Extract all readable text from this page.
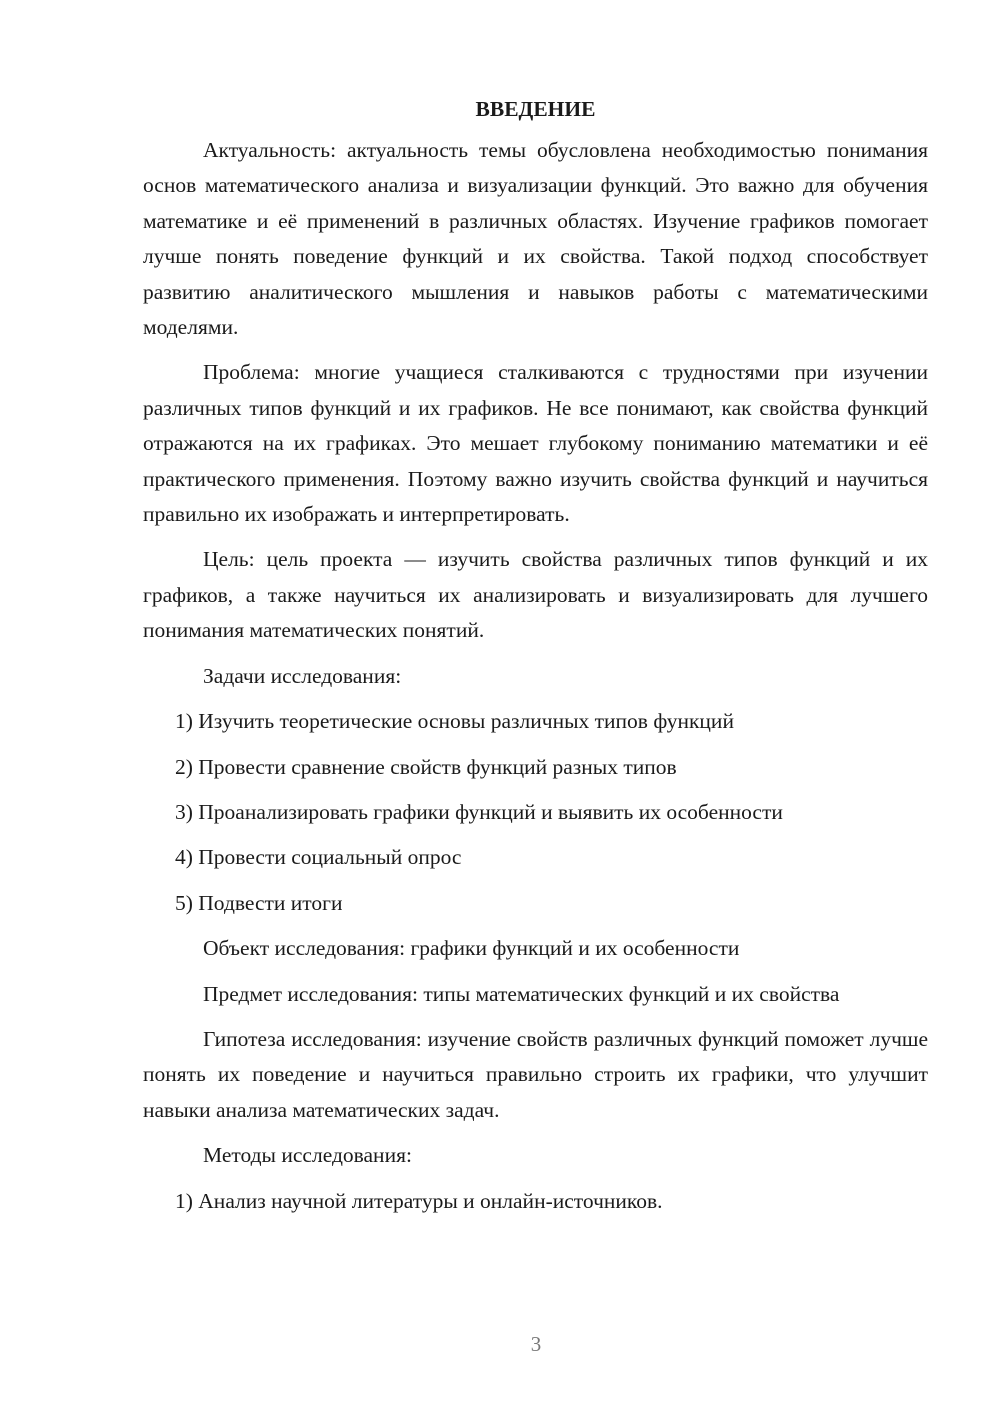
ВВЕДЕНИЕ

Актуальность: актуальность темы обусловлена необходимостью понимания основ математического анализа и визуализации функций. Это важно для обучения математике и её применений в различных областях. Изучение графиков помогает лучше понять поведение функций и их свойства. Такой подход способствует развитию аналитического мышления и навыков работы с математическими моделями.

Проблема: многие учащиеся сталкиваются с трудностями при изучении различных типов функций и их графиков. Не все понимают, как свойства функций отражаются на их графиках. Это мешает глубокому пониманию математики и её практического применения. Поэтому важно изучить свойства функций и научиться правильно их изображать и интерпретировать.

Цель: цель проекта — изучить свойства различных типов функций и их графиков, а также научиться их анализировать и визуализировать для лучшего понимания математических понятий.

Задачи исследования:

1) Изучить теоретические основы различных типов функций

2) Провести сравнение свойств функций разных типов

3) Проанализировать графики функций и выявить их особенности

4) Провести социальный опрос

5) Подвести итоги

Объект исследования: графики функций и их особенности

Предмет исследования: типы математических функций и их свойства

Гипотеза исследования: изучение свойств различных функций поможет лучше понять их поведение и научиться правильно строить их графики, что улучшит навыки анализа математических задач.

Методы исследования:

1) Анализ научной литературы и онлайн-источников.

3
